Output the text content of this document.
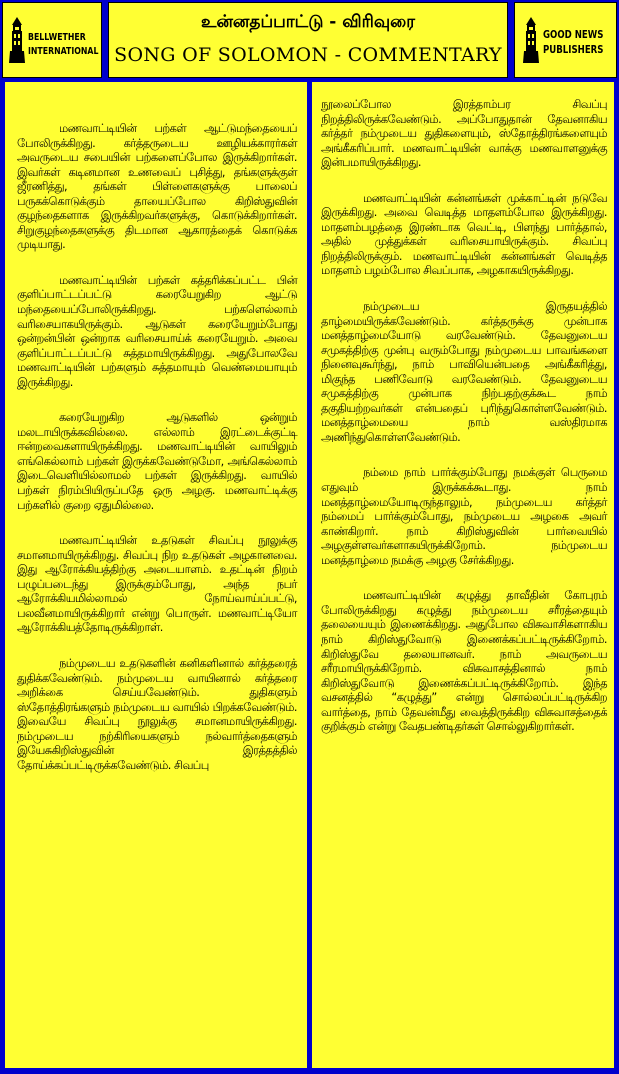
BELLWETHER
INTERNATIONAL
உன்னதப்பாட்டு - விரிவுரை
SONG OF SOLOMON - COMMENTARY
GOOD NEWS
PUBLISHERS

மணவாட்டியின் பற்கள் ஆட்டுமந்தையைப் போலிருக்கிறது. கர்த்தருடைய ஊழியக்காரர்கள் அவருடைய சபையின் பற்களைப்போல இருக்கிறார்கள். இவர்கள் கடினமான உணவைப் புசித்து, தங்களுக்குள் ஜீரணித்து, தங்கள் பிள்ளைகளுக்கு பாலைப் பருகக்கொடுக்கும் தாயைப்போல கிறிஸ்துவின் குழந்தைகளாக இருக்கிறவர்களுக்கு, கொடுக்கிறார்கள். சிறுகுழந்தைகளுக்கு திடமான ஆகாரத்தைக் கொடுக்க முடியாது.

மணவாட்டியின் பற்கள் கத்தரிக்கப்பட்ட பின் குளிப்பாட்டப்பட்டு கரையேறுகிற ஆட்டு மந்தையைப்போலிருக்கிறது. பற்களெல்லாம் வரிசையாகயிருக்கும். ஆடுகள் கரையேறும்போது ஒன்றன்பின் ஒன்றாக வரிசையாய்க் கரையேறும். அவை குளிப்பாட்டப்பட்டு சுத்தமாயிருக்கிறது. அதுபோலவே மணவாட்டியின் பற்களும் சுத்தமாயும் வெண்மையாயும் இருக்கிறது.

கரையேறுகிற ஆடுகளில் ஒன்றும் மலடாயிருக்கவில்லை. எல்லாம் இரட்டைக்குட்டி ஈன்றவைகளாயிருக்கிறது. மணவாட்டியின் வாயிலும் எங்கெல்லாம் பற்கள் இருக்கவேண்டுமோ, அங்கெல்லாம் இடைவெளியில்லாமல் பற்கள் இருக்கிறது. வாயில் பற்கள் நிரம்பியிருப்பதே ஒரு அழகு. மணவாட்டிக்கு பற்களில் குறை ஏதுமில்லை.

மணவாட்டியின் உதடுகள் சிவப்பு நூலுக்கு சமானமாயிருக்கிறது. சிவப்பு நிற உதடுகள் அழகானவை. இது ஆரோக்கியத்திற்கு அடையாளம். உதட்டின் நிறம் பழுப்படைந்து இருக்கும்போது, அந்த நபர் ஆரோக்கியமில்லாமல் நோய்வாய்ப்பட்டு, பலவீனமாயிருக்கிறார் என்று பொருள். மணவாட்டியோ ஆரோக்கியத்தோடிருக்கிறாள்.

நம்முடைய உதடுகளின் கனிகளினால் கர்த்தரைத் துதிக்கவேண்டும். நம்முடைய வாயினால் கர்த்தரை அறிக்கை செய்யவேண்டும். துதிகளும் ஸ்தோத்திரங்களும் நம்முடைய வாயில் பிறக்கவேண்டும். இவையே சிவப்பு நூலுக்கு சமானமாயிருக்கிறது. நம்முடைய நற்கிரியைகளும் நல்வார்த்தைகளும் இயேசுகிறிஸ்துவின் இரத்தத்தில் தோய்க்கப்பட்டிருக்கவேண்டும். சிவப்பு

நூலைப்போல இரத்தாம்பர சிவப்பு நிறத்திலிருக்கவேண்டும். அப்போதுதான் தேவனாகிய கர்த்தர் நம்முடைய துதிகளையும், ஸ்தோத்திரங்களையும் அங்கீகரிப்பார். மணவாட்டியின் வாக்கு மணவாளனுக்கு இன்பமாயிருக்கிறது.

மணவாட்டியின் கன்னங்கள் முக்காட்டின் நடுவே இருக்கிறது. அவை வெடித்த மாதளம்போல இருக்கிறது. மாதளம்பழத்தை இரண்டாக வெட்டி, பிளந்து பார்த்தால், அதில் முத்துக்கள் வரிசையாயிருக்கும். சிவப்பு நிறத்திலிருக்கும். மணவாட்டியின் கன்னங்கள் வெடித்த மாதளம் பழம்போல சிவப்பாக, அழகாகயிருக்கிறது.

நம்முடைய இருதயத்தில் தாழ்மையிருக்கவேண்டும். கர்த்தருக்கு முன்பாக மனத்தாழ்மையோடு வரவேண்டும். தேவனுடைய சமுகத்திற்கு முன்பு வரும்போது நம்முடைய பாவங்களை நினைவுகூர்ந்து, நாம் பாவியென்பதை அங்கீகரித்து, மிகுந்த பணிவோடு வரவேண்டும். தேவனுடைய சமுகத்திற்கு முன்பாக நிற்பதற்குக்கூட நாம் தகுதியற்றவர்கள் என்பதைப் புரிந்துகொள்ளவேண்டும். மனத்தாழ்மையை நாம் வஸ்திரமாக அணிந்துகொள்ளவேண்டும்.

நம்மை நாம் பார்க்கும்போது நமக்குள் பெருமை எதுவும் இருக்கக்கூடாது. நாம் மனத்தாழ்மையோடிருந்தாலும், நம்முடைய கர்த்தர் நம்மைப் பார்க்கும்போது, நம்முடைய அழகை அவர் காண்கிறார். நாம் கிறிஸ்துவின் பார்வையில் அழகுள்ளவர்களாகயிருக்கிறோம். நம்முடைய மனத்தாழ்மை நமக்கு அழகு சேர்க்கிறது.

மணவாட்டியின் கழுத்து தாவீதின் கோபுரம் போலிருக்கிறது கழுத்து நம்முடைய சரீரத்தையும் தலையையும் இணைக்கிறது. அதுபோல விசுவாசிகளாகிய நாம் கிறிஸ்துவோடு இணைக்கப்பட்டிருக்கிறோம். கிறிஸ்துவே தலையானவர். நாம் அவருடைய சரீரமாயிருக்கிறோம். விசுவாசத்தினால் நாம் கிறிஸ்துவோடு இணைக்கப்பட்டிருக்கிறோம். இந்த வசனத்தில் “கழுத்து” என்று சொல்லப்பட்டிருக்கிற வார்த்தை, நாம் தேவன்மீது வைத்திருக்கிற விசுவாசத்தைக் குறிக்கும் என்று வேதபண்டிதர்கள் சொல்லுகிறார்கள்.
